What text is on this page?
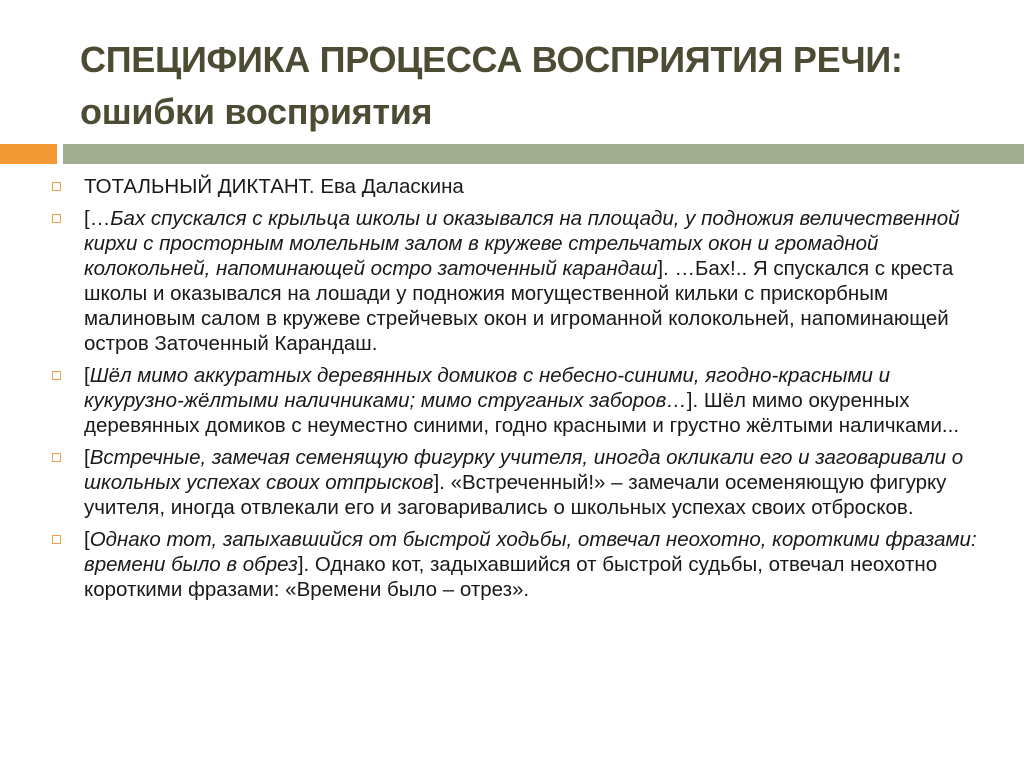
СПЕЦИФИКА ПРОЦЕССА ВОСПРИЯТИЯ РЕЧИ:
ошибки восприятия
ТОТАЛЬНЫЙ ДИКТАНТ. Ева Даласкина
[…Бах спускался с крыльца школы и оказывался на площади, у подножия величественной кирхи с просторным молельным залом в кружеве стрельчатых окон и громадной колокольней, напоминающей остро заточенный карандаш]. …Бах!.. Я спускался с креста школы и оказывался на лошади у подножия могущественной кильки с прискорбным малиновым салом в кружеве стрейчевых окон и игроманной колокольней, напоминающей остров Заточенный Карандаш.
[Шёл мимо аккуратных деревянных домиков с небесно-синими, ягодно-красными и кукурузно-жёлтыми наличниками; мимо струганых заборов…]. Шёл мимо окуренных деревянных домиков с неуместно синими, годно красными и грустно жёлтыми наличками...
[Встречные, замечая семенящую фигурку учителя, иногда окликали его и заговаривали о школьных успехах своих отпрысков]. «Встреченный!» – замечали осеменяющую фигурку учителя, иногда отвлекали его и заговаривались о школьных успехах своих отбросков.
[Однако тот, запыхавшийся от быстрой ходьбы, отвечал неохотно, короткими фразами: времени было в обрез]. Однако кот, задыхавшийся от быстрой судьбы, отвечал неохотно короткими фразами: «Времени было – отрез».
